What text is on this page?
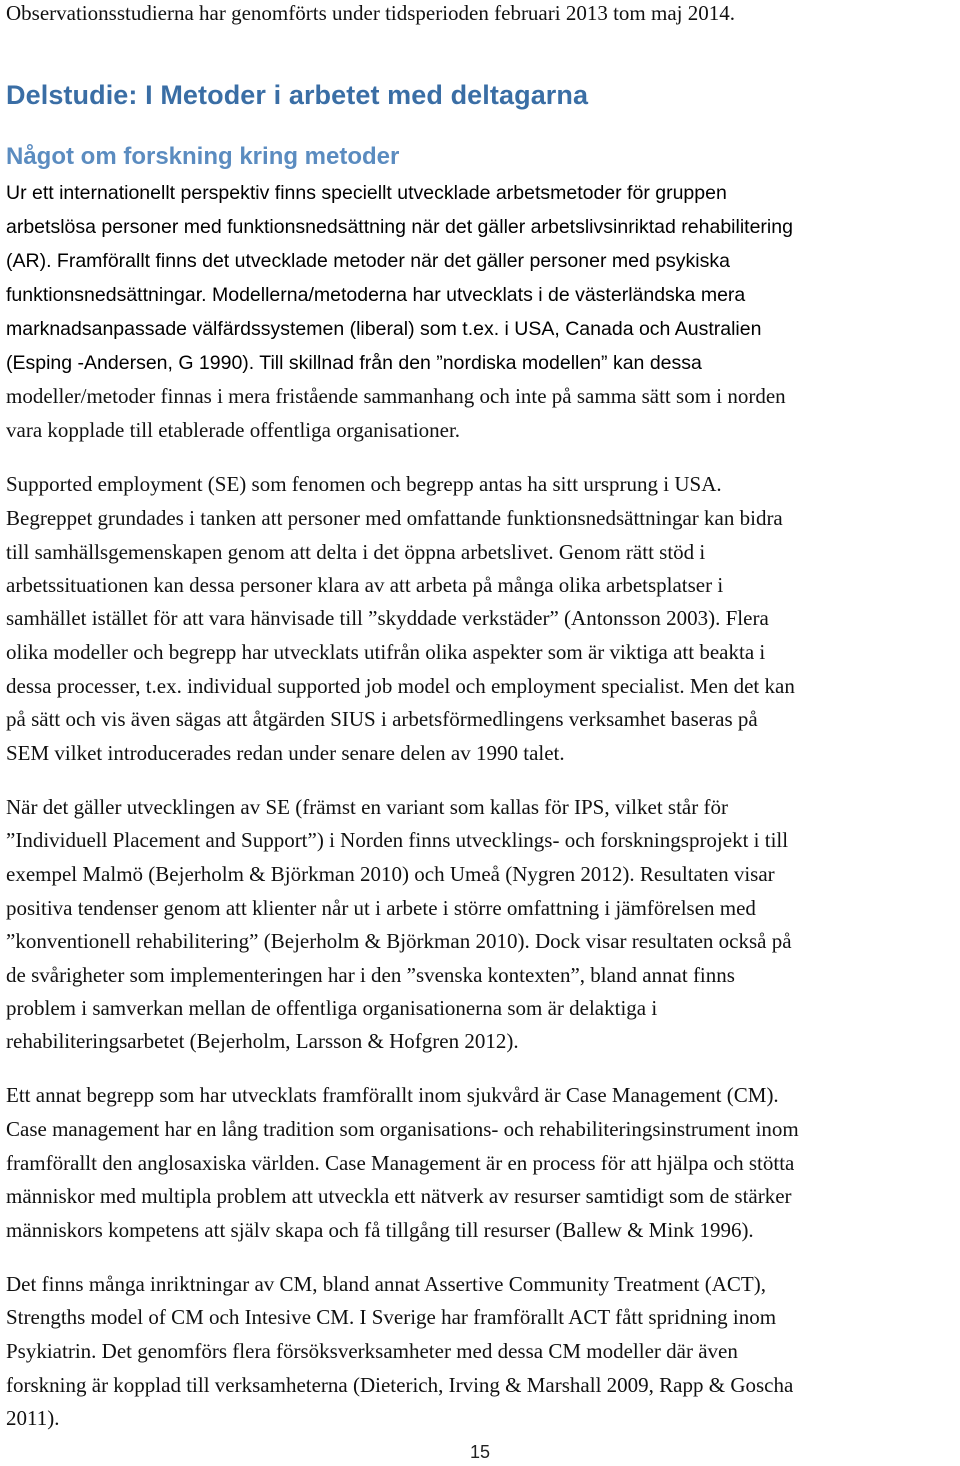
Observationsstudierna har genomförts under tidsperioden februari 2013 tom maj 2014.
Delstudie: I Metoder i arbetet med deltagarna
Något om forskning kring metoder
Ur ett internationellt perspektiv finns speciellt utvecklade arbetsmetoder för gruppen
arbetslösa personer med funktionsnedsättning när det gäller arbetslivsinriktad rehabilitering
(AR). Framförallt finns det utvecklade metoder när det gäller personer med psykiska
funktionsnedsättningar. Modellerna/metoderna har utvecklats i de västerländska mera
marknadsanpassade välfärdssystemen (liberal) som t.ex. i USA, Canada och Australien
(Esping -Andersen, G 1990). Till skillnad från den ”nordiska modellen” kan dessa
modeller/metoder finnas i mera fristående sammanhang och inte på samma sätt som i norden
vara kopplade till etablerade offentliga organisationer.
Supported employment (SE) som fenomen och begrepp antas ha sitt ursprung i USA.
Begreppet grundades i tanken att personer med omfattande funktionsnedsättningar kan bidra
till samhällsgemenskapen genom att delta i det öppna arbetslivet. Genom rätt stöd i
arbetssituationen kan dessa personer klara av att arbeta på många olika arbetsplatser i
samhället istället för att vara hänvisade till ”skyddade verkstäder” (Antonsson 2003). Flera
olika modeller och begrepp har utvecklats utifrån olika aspekter som är viktiga att beakta i
dessa processer, t.ex. individual supported job model och employment specialist. Men det kan
på sätt och vis även sägas att åtgärden SIUS i arbetsförmedlingens verksamhet baseras på
SEM vilket introducerades redan under senare delen av 1990 talet.
När det gäller utvecklingen av SE (främst en variant som kallas för IPS, vilket står för
”Individuell Placement and Support”) i Norden finns utvecklings- och forskningsprojekt i till
exempel Malmö (Bejerholm & Björkman 2010) och Umeå (Nygren 2012). Resultaten visar
positiva tendenser genom att klienter når ut i arbete i större omfattning i jämförelsen med
”konventionell rehabilitering” (Bejerholm & Björkman 2010). Dock visar resultaten också på
de svårigheter som implementeringen har i den ”svenska kontexten”, bland annat finns
problem i samverkan mellan de offentliga organisationerna som är delaktiga i
rehabiliteringsarbetet (Bejerholm, Larsson & Hofgren 2012).
Ett annat begrepp som har utvecklats framförallt inom sjukvård är Case Management (CM).
Case management har en lång tradition som organisations- och rehabiliteringsinstrument inom
framförallt den anglosaxiska världen. Case Management är en process för att hjälpa och stötta
människor med multipla problem att utveckla ett nätverk av resurser samtidigt som de stärker
människors kompetens att själv skapa och få tillgång till resurser (Ballew & Mink 1996).
Det finns många inriktningar av CM, bland annat Assertive Community Treatment (ACT),
Strengths model of CM och Intesive CM. I Sverige har framförallt ACT fått spridning inom
Psykiatrin. Det genomförs flera försöksverksamheter med dessa CM modeller där även
forskning är kopplad till verksamheterna (Dieterich, Irving & Marshall 2009, Rapp & Goscha
2011).
15
